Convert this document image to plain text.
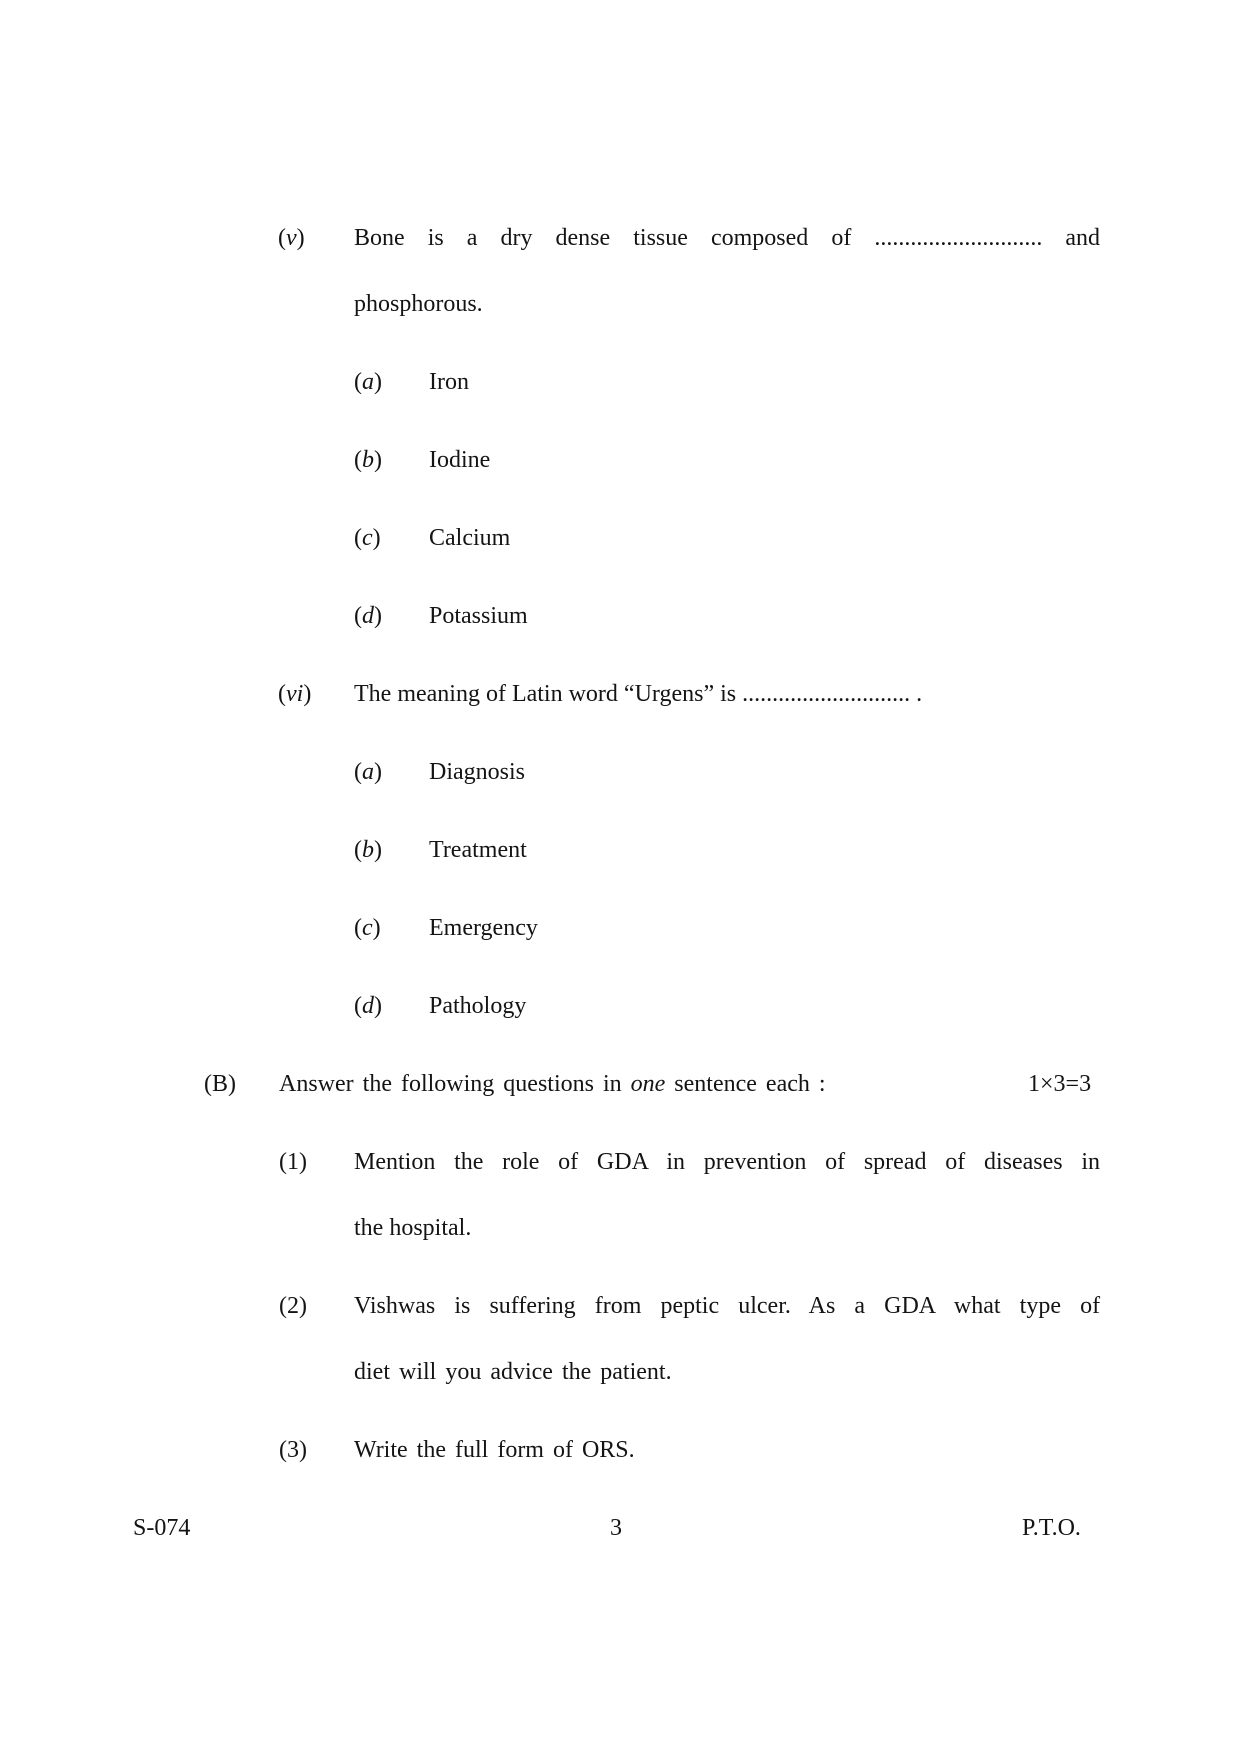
(v) Bone is a dry dense tissue composed of ............................ and
phosphorous.
(a) Iron
(b) Iodine
(c) Calcium
(d) Potassium
(vi) The meaning of Latin word “Urgens” is ............................ .
(a) Diagnosis
(b) Treatment
(c) Emergency
(d) Pathology
(B) Answer the following questions in one sentence each :	1×3=3
(1) Mention the role of GDA in prevention of spread of diseases in
the hospital.
(2) Vishwas is suffering from peptic ulcer. As a GDA what type of
diet will you advice the patient.
(3) Write the full form of ORS.
S-074	3	P.T.O.
